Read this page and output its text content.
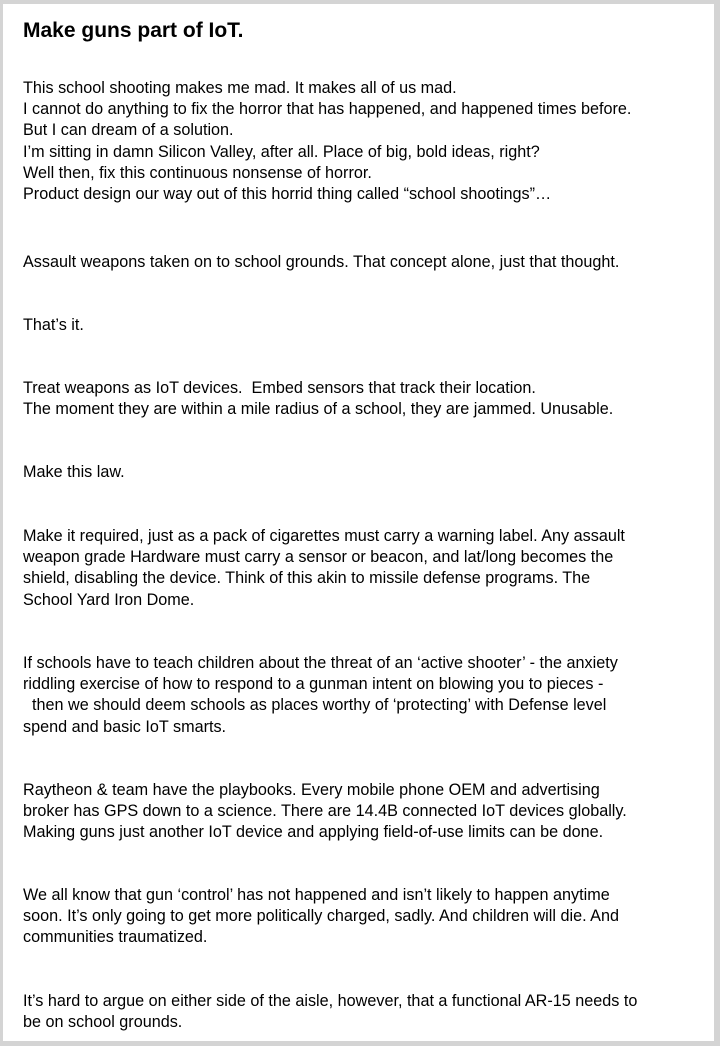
Make guns part of IoT.
This school shooting makes me mad. It makes all of us mad.
I cannot do anything to fix the horror that has happened, and happened times before.
But I can dream of a solution.
I’m sitting in damn Silicon Valley, after all. Place of big, bold ideas, right?
Well then, fix this continuous nonsense of horror.
Product design our way out of this horrid thing called “school shootings”…
Assault weapons taken on to school grounds. That concept alone, just that thought.
That’s it.
Treat weapons as IoT devices.  Embed sensors that track their location.
The moment they are within a mile radius of a school, they are jammed. Unusable.
Make this law.
Make it required, just as a pack of cigarettes must carry a warning label. Any assault
weapon grade Hardware must carry a sensor or beacon, and lat/long becomes the
shield, disabling the device. Think of this akin to missile defense programs. The
School Yard Iron Dome.
If schools have to teach children about the threat of an ‘active shooter’ - the anxiety
riddling exercise of how to respond to a gunman intent on blowing you to pieces -
then we should deem schools as places worthy of ‘protecting’ with Defense level
spend and basic IoT smarts.
Raytheon & team have the playbooks. Every mobile phone OEM and advertising
broker has GPS down to a science. There are 14.4B connected IoT devices globally.
Making guns just another IoT device and applying field-of-use limits can be done.
We all know that gun ‘control’ has not happened and isn’t likely to happen anytime
soon. It’s only going to get more politically charged, sadly. And children will die. And
communities traumatized.
It’s hard to argue on either side of the aisle, however, that a functional AR-15 needs to
be on school grounds.
